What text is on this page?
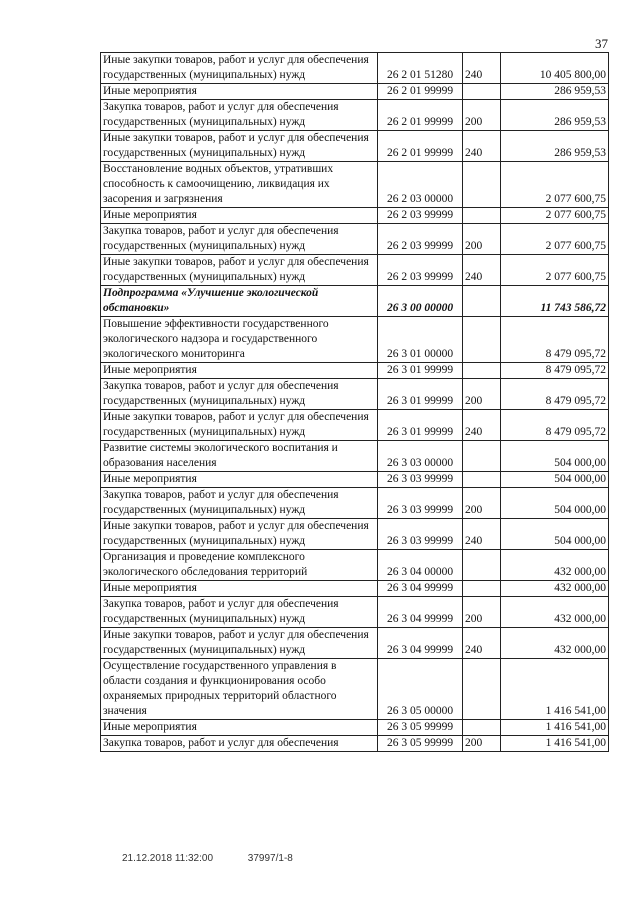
37
Иные закупки товаров, работ и услуг для обеспечения государственных (муниципальных) нужд	26 2 01 51280	240	10 405 800,00
Иные мероприятия	26 2 01 99999		286 959,53
Закупка товаров, работ и услуг для обеспечения государственных (муниципальных) нужд	26 2 01 99999	200	286 959,53
Иные закупки товаров, работ и услуг для обеспечения государственных (муниципальных) нужд	26 2 01 99999	240	286 959,53
Восстановление водных объектов, утративших способность к самоочищению, ликвидация их засорения и загрязнения	26 2 03 00000		2 077 600,75
Иные мероприятия	26 2 03 99999		2 077 600,75
Закупка товаров, работ и услуг для обеспечения государственных (муниципальных) нужд	26 2 03 99999	200	2 077 600,75
Иные закупки товаров, работ и услуг для обеспечения государственных (муниципальных) нужд	26 2 03 99999	240	2 077 600,75
Подпрограмма «Улучшение экологической обстановки»	26 3 00 00000		11 743 586,72
Повышение эффективности государственного экологического надзора и государственного экологического мониторинга	26 3 01 00000		8 479 095,72
Иные мероприятия	26 3 01 99999		8 479 095,72
Закупка товаров, работ и услуг для обеспечения государственных (муниципальных) нужд	26 3 01 99999	200	8 479 095,72
Иные закупки товаров, работ и услуг для обеспечения государственных (муниципальных) нужд	26 3 01 99999	240	8 479 095,72
Развитие системы экологического воспитания и образования населения	26 3 03 00000		504 000,00
Иные мероприятия	26 3 03 99999		504 000,00
Закупка товаров, работ и услуг для обеспечения государственных (муниципальных) нужд	26 3 03 99999	200	504 000,00
Иные закупки товаров, работ и услуг для обеспечения государственных (муниципальных) нужд	26 3 03 99999	240	504 000,00
Организация и проведение комплексного экологического обследования территорий	26 3 04 00000		432 000,00
Иные мероприятия	26 3 04 99999		432 000,00
Закупка товаров, работ и услуг для обеспечения государственных (муниципальных) нужд	26 3 04 99999	200	432 000,00
Иные закупки товаров, работ и услуг для обеспечения государственных (муниципальных) нужд	26 3 04 99999	240	432 000,00
Осуществление государственного управления в области создания и функционирования особо охраняемых природных территорий областного значения	26 3 05 00000		1 416 541,00
Иные мероприятия	26 3 05 99999		1 416 541,00
Закупка товаров, работ и услуг для обеспечения	26 3 05 99999	200	1 416 541,00
21.12.2018 11:32:00	37997/1-8
